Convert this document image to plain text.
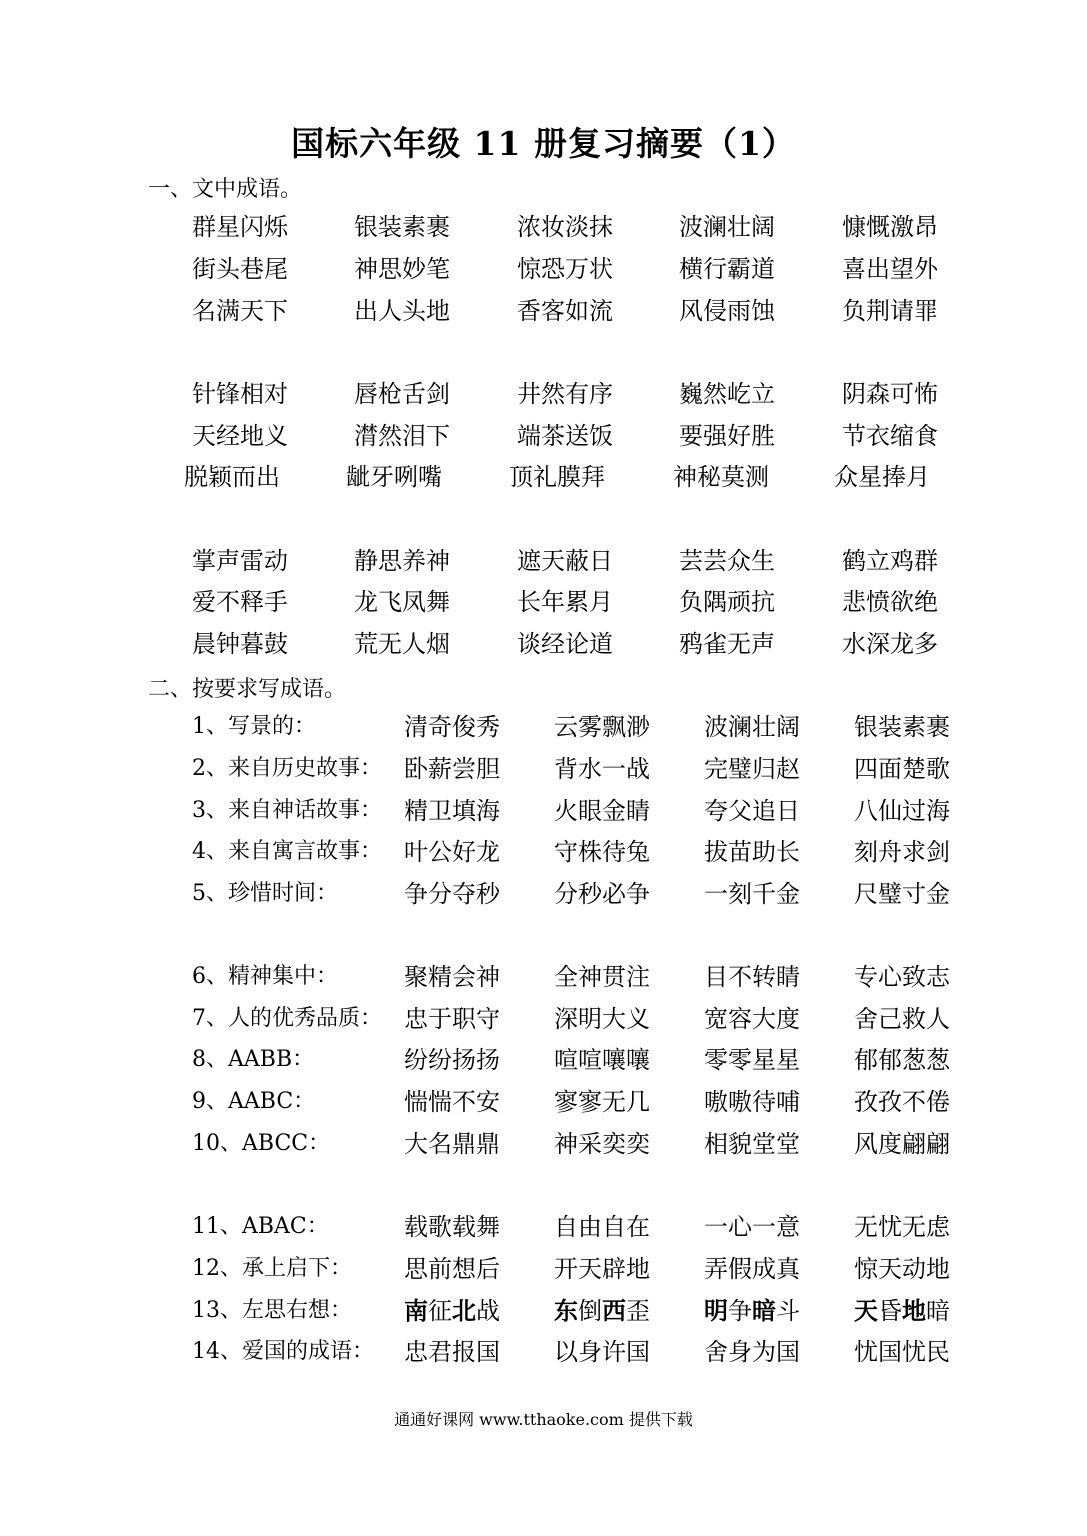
国标六年级 11 册复习摘要（1）
一、文中成语。
群星闪烁	银装素裹	浓妆淡抹	波澜壮阔	慷慨激昂
街头巷尾	神思妙笔	惊恐万状	横行霸道	喜出望外
名满天下	出人头地	香客如流	风侵雨蚀	负荆请罪
针锋相对	唇枪舌剑	井然有序	巍然屹立	阴森可怖
天经地义	潸然泪下	端茶送饭	要强好胜	节衣缩食
脱颖而出	龇牙咧嘴	顶礼膜拜	神秘莫测	众星捧月
掌声雷动	静思养神	遮天蔽日	芸芸众生	鹤立鸡群
爱不释手	龙飞凤舞	长年累月	负隅顽抗	悲愤欲绝
晨钟暮鼓	荒无人烟	谈经论道	鸦雀无声	水深龙多
二、按要求写成语。
1、写景的：	清奇俊秀 云雾飘渺 波澜壮阔 银装素裹
2、来自历史故事： 卧薪尝胆 背水一战 完璧归赵 四面楚歌
3、来自神话故事： 精卫填海 火眼金睛 夸父追日 八仙过海
4、来自寓言故事： 叶公好龙 守株待兔 拔苗助长 刻舟求剑
5、珍惜时间：	争分夺秒 分秒必争 一刻千金 尺璧寸金
6、精神集中：	聚精会神 全神贯注 目不转睛 专心致志
7、人的优秀品质： 忠于职守 深明大义 宽容大度 舍己救人
8、AABB：	纷纷扬扬 喧喧嚷嚷 零零星星 郁郁葱葱
9、AABC：	惴惴不安 寥寥无几 嗷嗷待哺 孜孜不倦
10、ABCC：	大名鼎鼎 神采奕奕 相貌堂堂 风度翩翩
11、ABAC：	载歌载舞 自由自在 一心一意 无忧无虑
12、承上启下： 思前想后 开天辟地 弄假成真 惊天动地
13、左思右想： 南征北战 东倒西歪 明争暗斗 天昏地暗
14、爱国的成语： 忠君报国 以身许国 舍身为国 忧国忧民
通通好课网 www.tthaoke.com 提供下载
